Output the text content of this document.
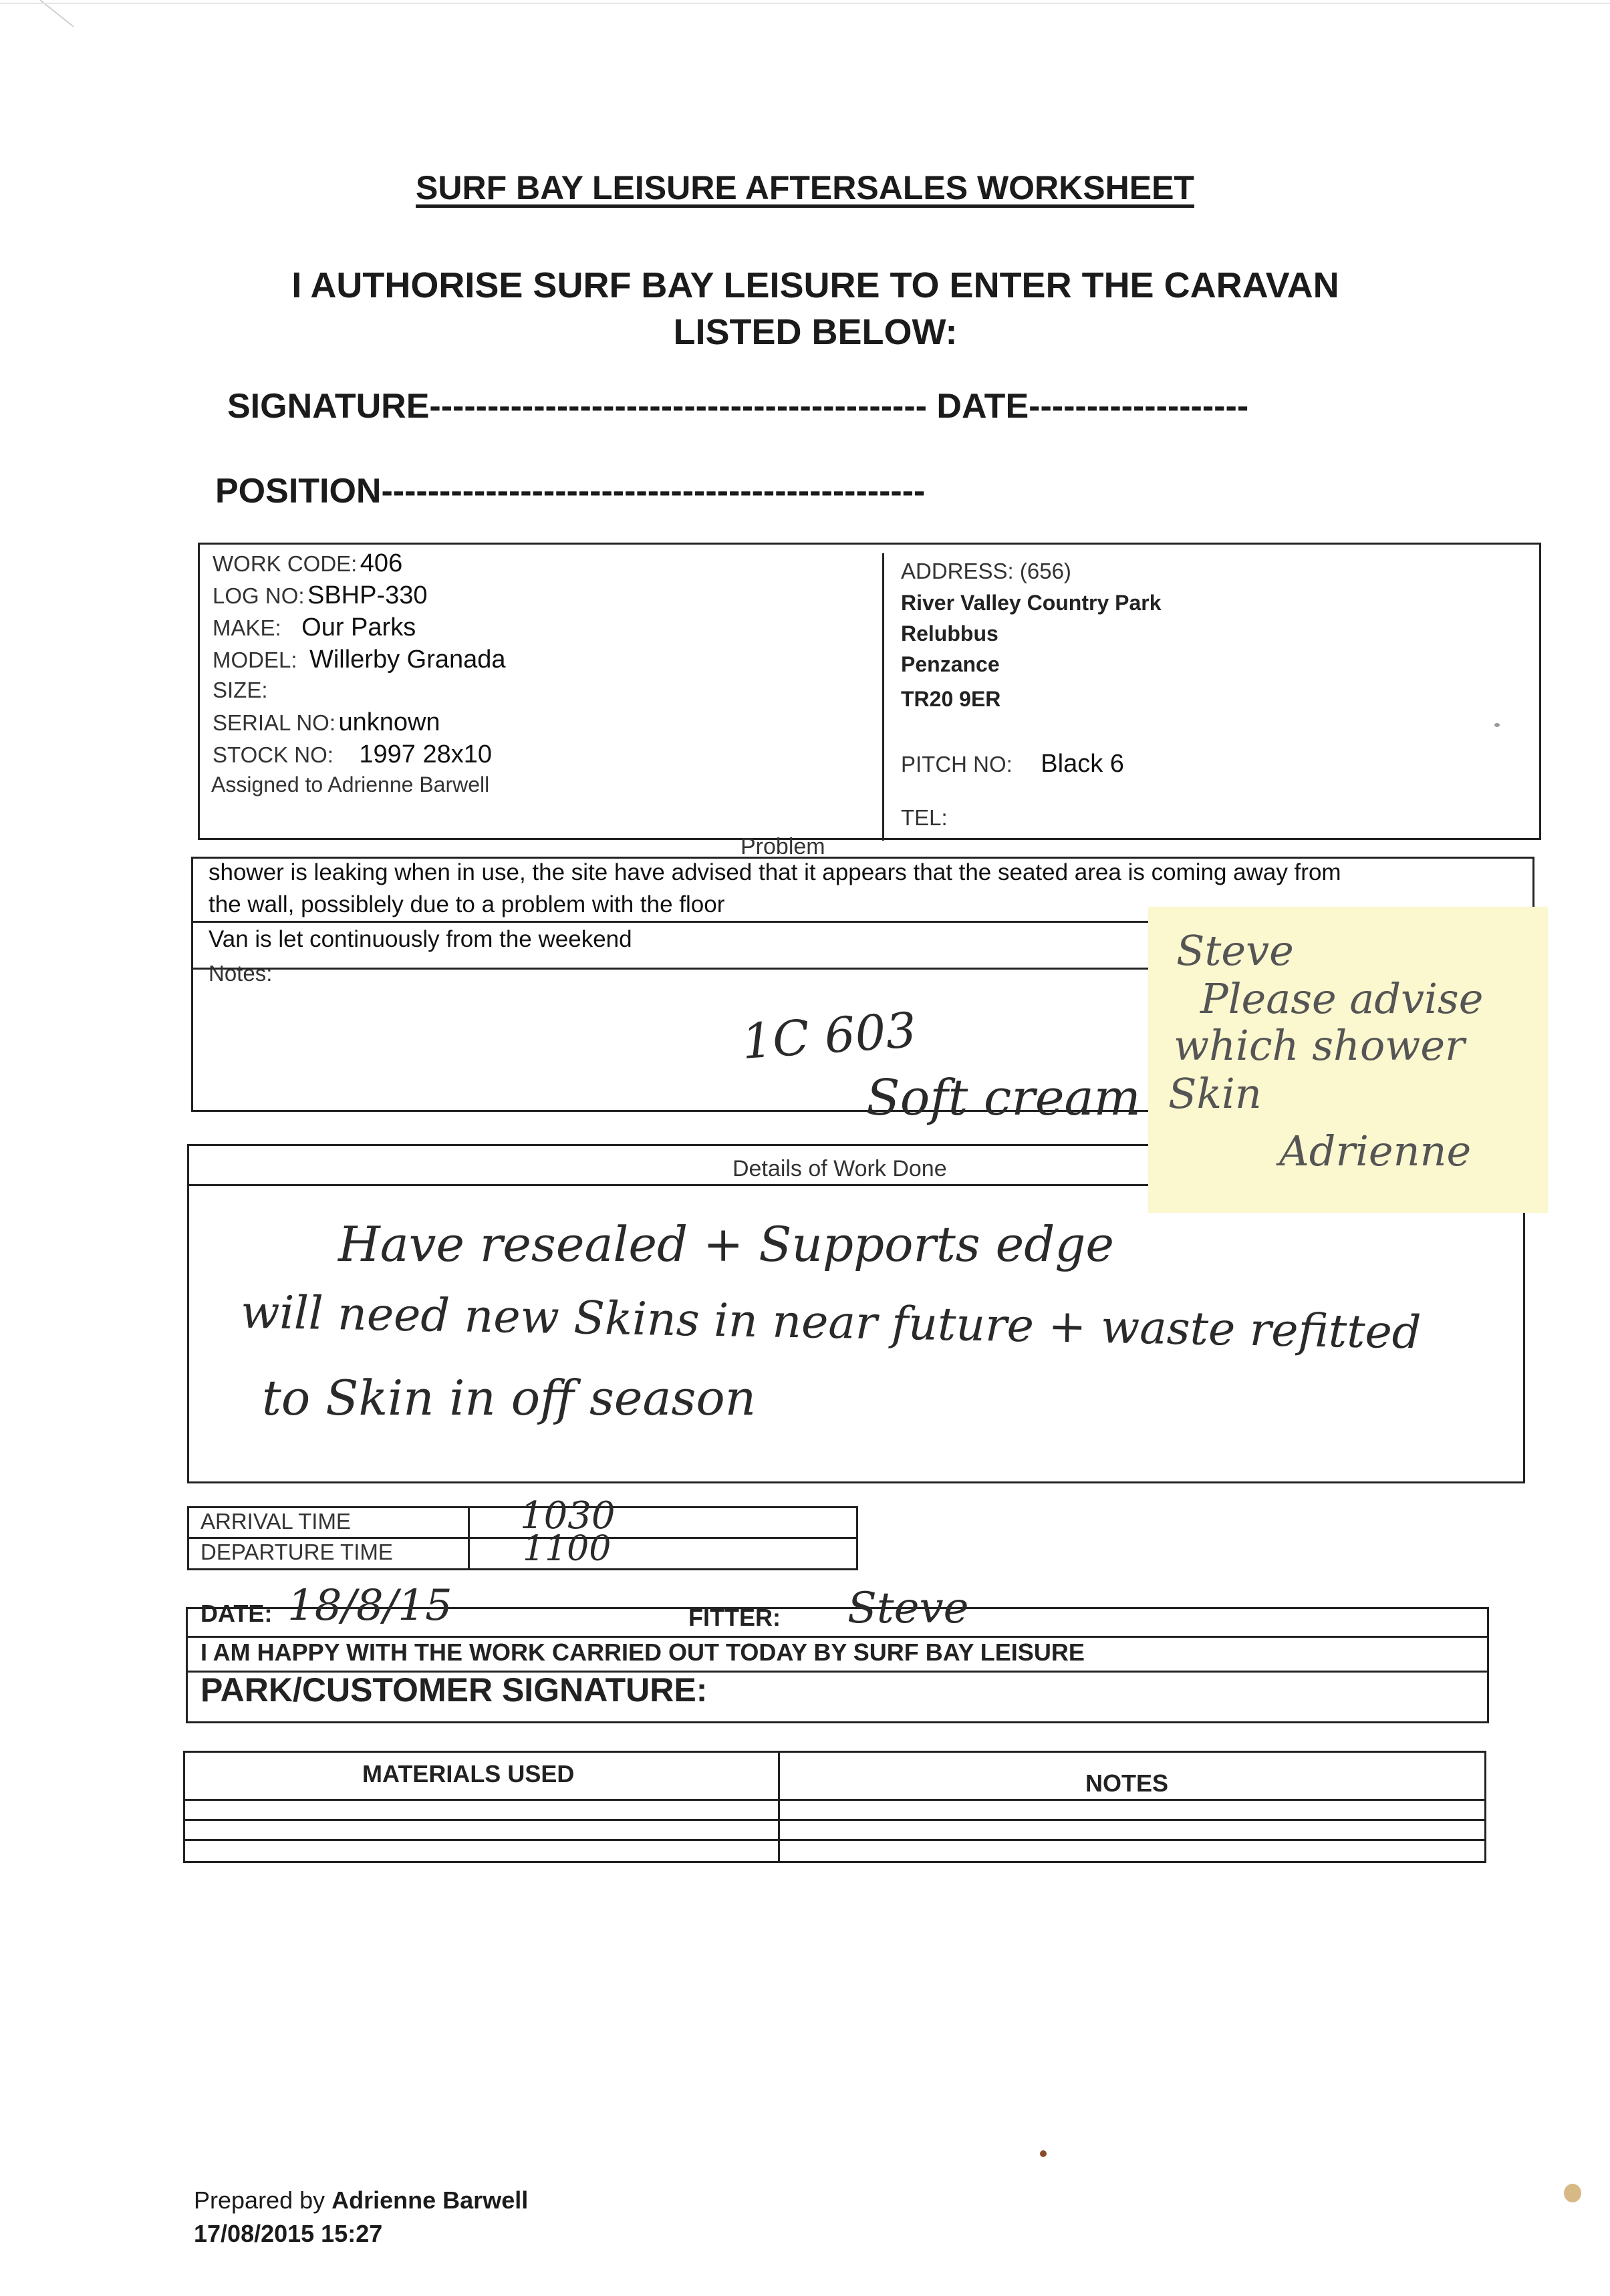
SURF BAY LEISURE AFTERSALES WORKSHEET
I AUTHORISE SURF BAY LEISURE TO ENTER THE CARAVAN
LISTED BELOW:
SIGNATURE------------------------------------------- DATE-------------------
POSITION-----------------------------------------------
WORK CODE: 406
LOG NO: SBHP-330
MAKE: Our Parks
MODEL: Willerby Granada
SIZE:
SERIAL NO: unknown
STOCK NO: 1997 28x10
Assigned to Adrienne Barwell
ADDRESS: (656)
River Valley Country Park
Relubbus
Penzance
TR20 9ER
PITCH NO: Black 6
TEL:
Problem
shower is leaking when in use, the site have advised that it appears that the seated area is coming away from
the wall, possiblely due to a problem with the floor
Van is let continuously from the weekend
Notes:
1C 603
Soft cream
Details of Work Done
Have resealed + Supports edge
will need new Skins in near future + waste refitted
to Skin in off season
Steve
Please advise
which shower
Skin
Adrienne
ARRIVAL TIME
DEPARTURE TIME
1030
1100
DATE: 18/8/15	FITTER: Steve
I AM HAPPY WITH THE WORK CARRIED OUT TODAY BY SURF BAY LEISURE
PARK/CUSTOMER SIGNATURE:
MATERIALS USED	NOTES
Prepared by Adrienne Barwell
17/08/2015 15:27
